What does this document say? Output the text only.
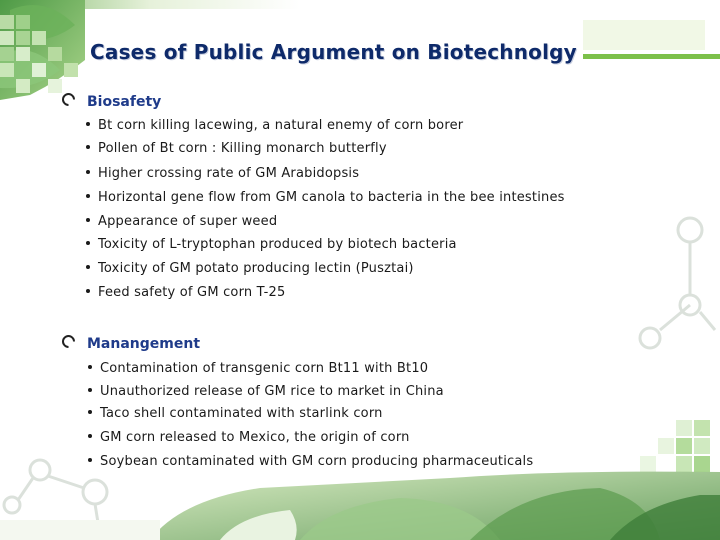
Cases of Public Argument on Biotechnolgy
Biosafety
Bt corn killing lacewing, a natural enemy of corn borer
Pollen of Bt corn : Killing monarch butterfly
Higher crossing rate of GM Arabidopsis
Horizontal gene flow from GM canola to bacteria in the bee intestines
Appearance of super weed
Toxicity of L-tryptophan produced by biotech bacteria
Toxicity of GM potato producing lectin (Pusztai)
Feed safety of GM corn T-25
Manangement
Contamination of transgenic corn Bt11 with Bt10
Unauthorized release of GM rice to market in China
Taco shell contaminated with starlink corn
GM corn released to Mexico, the origin of corn
Soybean contaminated with GM corn producing pharmaceuticals
